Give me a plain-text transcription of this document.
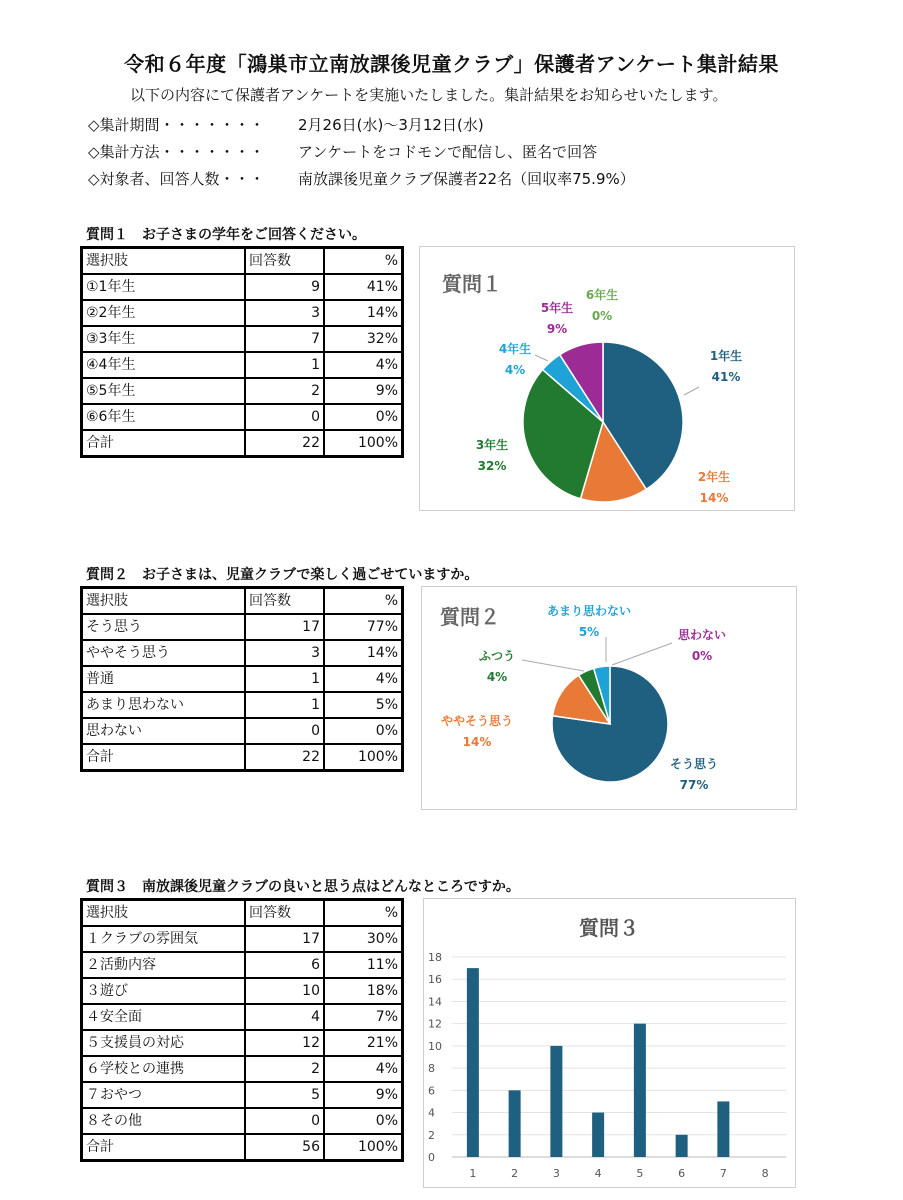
令和６年度「鴻巣市立南放課後児童クラブ」保護者アンケート集計結果
以下の内容にて保護者アンケートを実施いたしました。集計結果をお知らせいたします。
◇集計期間・・・・・・・ 2月26日(水)～3月12日(水)
◇集計方法・・・・・・・ アンケートをコドモンで配信し、匿名で回答
◇対象者、回答人数・・・ 南放課後児童クラブ保護者22名（回収率75.9%）
質問１　お子さまの学年をご回答ください。
選択肢	回答数	%
①1年生	9	41%
②2年生	3	14%
③3年生	7	32%
④4年生	1	4%
⑤5年生	2	9%
⑥6年生	0	0%
合計	22	100%
質問１
1年生
41%
2年生
14%
3年生
32%
4年生
4%
5年生
9%
6年生
0%
質問２　お子さまは、児童クラブで楽しく過ごせていますか。
選択肢	回答数	%
そう思う	17	77%
ややそう思う	3	14%
普通	1	4%
あまり思わない	1	5%
思わない	0	0%
合計	22	100%
質問２
そう思う
77%
ややそう思う
14%
ふつう
4%
あまり思わない
5%	思わない
0%
質問３　南放課後児童クラブの良いと思う点はどんなところですか。
選択肢	回答数	%
１クラブの雰囲気	17	30%
２活動内容	6	11%
３遊び	10	18%
４安全面	4	7%
５支援員の対応	12	21%
６学校との連携	2	4%
７おやつ	5	9%
８その他	0	0%
合計	56	100%
質問３
0
2
4
6
8
10
12
14
16
18
1	2	3	4	5	6	7	8
